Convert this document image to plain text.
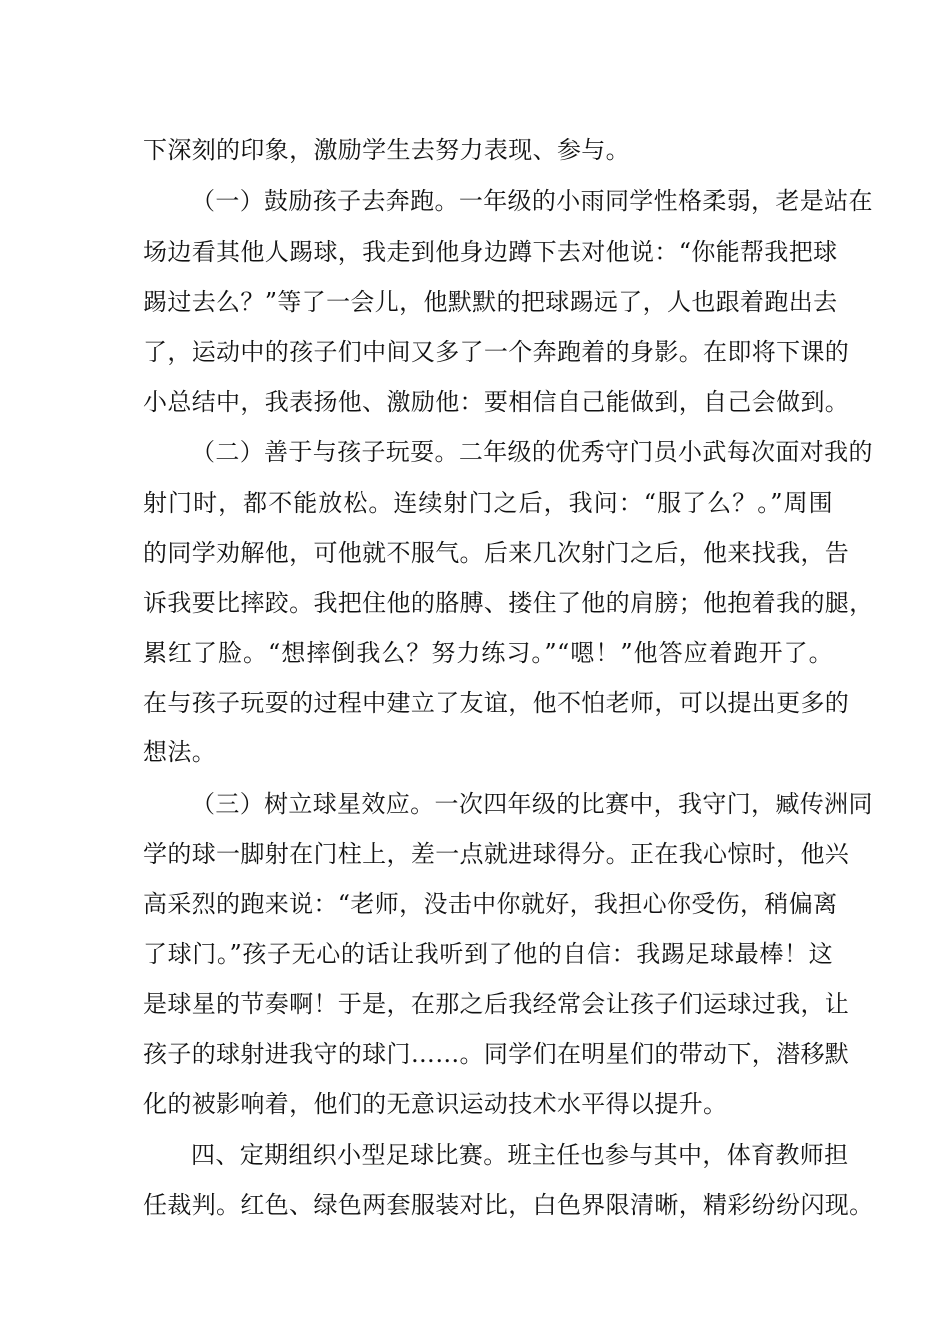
下深刻的印象，激励学生去努力表现、参与。
（一）鼓励孩子去奔跑。一年级的小雨同学性格柔弱，老是站在
场边看其他人踢球，我走到他身边蹲下去对他说：“你能帮我把球
踢过去么？”等了一会儿，他默默的把球踢远了，人也跟着跑出去
了，运动中的孩子们中间又多了一个奔跑着的身影。在即将下课的
小总结中，我表扬他、激励他：要相信自己能做到，自己会做到。
（二）善于与孩子玩耍。二年级的优秀守门员小武每次面对我的
射门时，都不能放松。连续射门之后，我问：“服了么？。”周围
的同学劝解他，可他就不服气。后来几次射门之后，他来找我，告
诉我要比摔跤。我把住他的胳膊、搂住了他的肩膀；他抱着我的腿，
累红了脸。“想摔倒我么？努力练习。”“嗯！”他答应着跑开了。
在与孩子玩耍的过程中建立了友谊，他不怕老师，可以提出更多的
想法。
（三）树立球星效应。一次四年级的比赛中，我守门，臧传洲同
学的球一脚射在门柱上，差一点就进球得分。正在我心惊时，他兴
高采烈的跑来说：“老师，没击中你就好，我担心你受伤，稍偏离
了球门。”孩子无心的话让我听到了他的自信：我踢足球最棒！这
是球星的节奏啊！于是，在那之后我经常会让孩子们运球过我，让
孩子的球射进我守的球门……。同学们在明星们的带动下，潜移默
化的被影响着，他们的无意识运动技术水平得以提升。
四、定期组织小型足球比赛。班主任也参与其中，体育教师担
任裁判。红色、绿色两套服装对比，白色界限清晰，精彩纷纷闪现。
